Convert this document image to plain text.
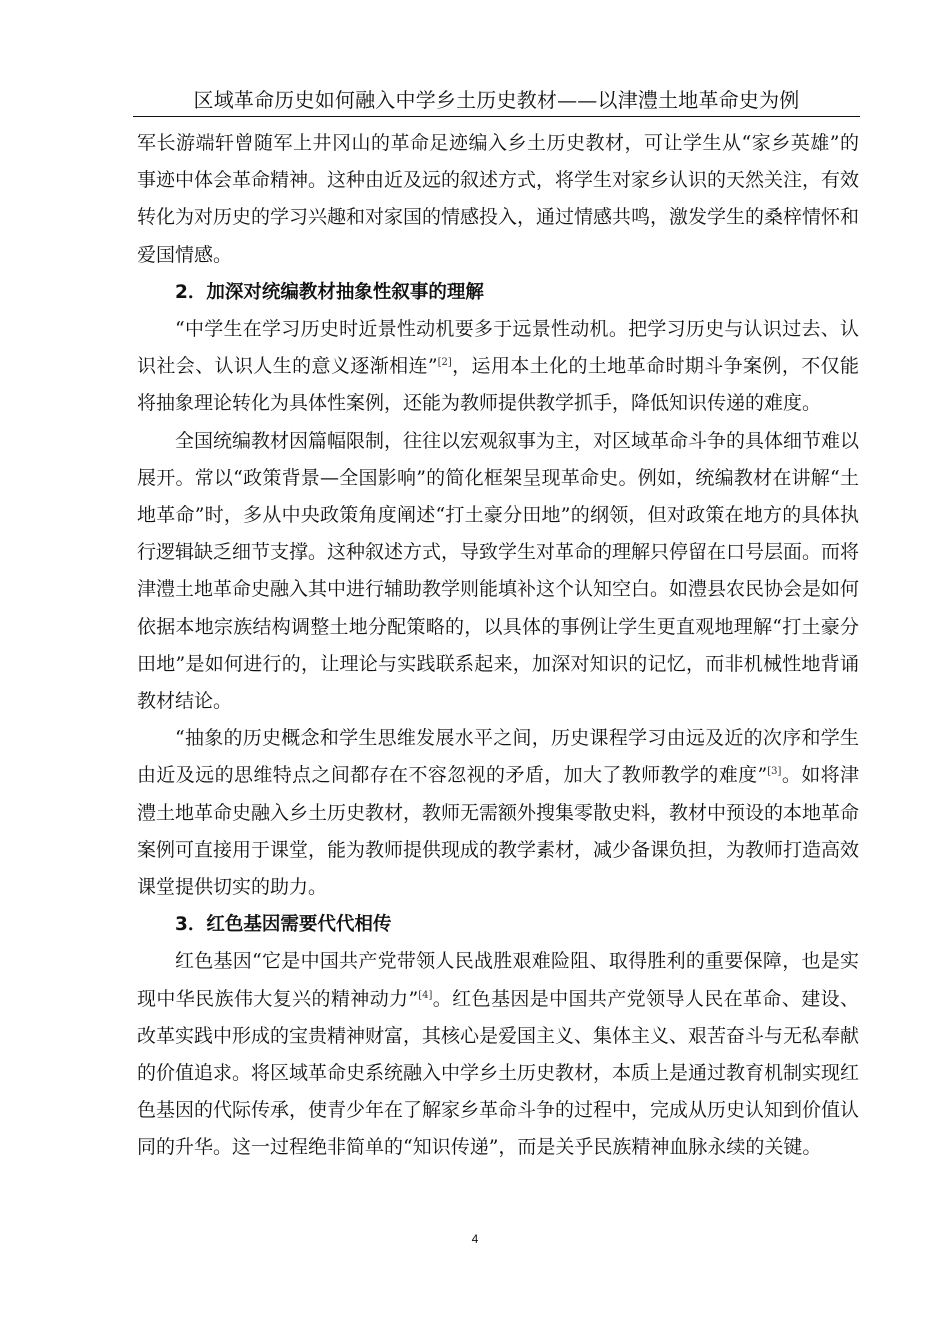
区域革命历史如何融入中学乡土历史教材——以津澧土地革命史为例

军长游端轩曾随军上井冈山的革命足迹编入乡土历史教材，可让学生从“家乡英雄”的事迹中体会革命精神。这种由近及远的叙述方式，将学生对家乡认识的天然关注，有效转化为对历史的学习兴趣和对家国的情感投入，通过情感共鸣，激发学生的桑梓情怀和爱国情感。

2．加深对统编教材抽象性叙事的理解

“中学生在学习历史时近景性动机要多于远景性动机。把学习历史与认识过去、认识社会、认识人生的意义逐渐相连”[2]，运用本土化的土地革命时期斗争案例，不仅能将抽象理论转化为具体性案例，还能为教师提供教学抓手，降低知识传递的难度。

全国统编教材因篇幅限制，往往以宏观叙事为主，对区域革命斗争的具体细节难以展开。常以“政策背景—全国影响”的简化框架呈现革命史。例如，统编教材在讲解“土地革命”时，多从中央政策角度阐述“打土豪分田地”的纲领，但对政策在地方的具体执行逻辑缺乏细节支撑。这种叙述方式，导致学生对革命的理解只停留在口号层面。而将津澧土地革命史融入其中进行辅助教学则能填补这个认知空白。如澧县农民协会是如何依据本地宗族结构调整土地分配策略的，以具体的事例让学生更直观地理解“打土豪分田地”是如何进行的，让理论与实践联系起来，加深对知识的记忆，而非机械性地背诵教材结论。

“抽象的历史概念和学生思维发展水平之间，历史课程学习由远及近的次序和学生由近及远的思维特点之间都存在不容忽视的矛盾，加大了教师教学的难度”[3]。如将津澧土地革命史融入乡土历史教材，教师无需额外搜集零散史料，教材中预设的本地革命案例可直接用于课堂，能为教师提供现成的教学素材，减少备课负担，为教师打造高效课堂提供切实的助力。

3．红色基因需要代代相传

红色基因“它是中国共产党带领人民战胜艰难险阻、取得胜利的重要保障，也是实现中华民族伟大复兴的精神动力”[4]。红色基因是中国共产党领导人民在革命、建设、改革实践中形成的宝贵精神财富，其核心是爱国主义、集体主义、艰苦奋斗与无私奉献的价值追求。将区域革命史系统融入中学乡土历史教材，本质上是通过教育机制实现红色基因的代际传承，使青少年在了解家乡革命斗争的过程中，完成从历史认知到价值认同的升华。这一过程绝非简单的“知识传递”，而是关乎民族精神血脉永续的关键。

4
